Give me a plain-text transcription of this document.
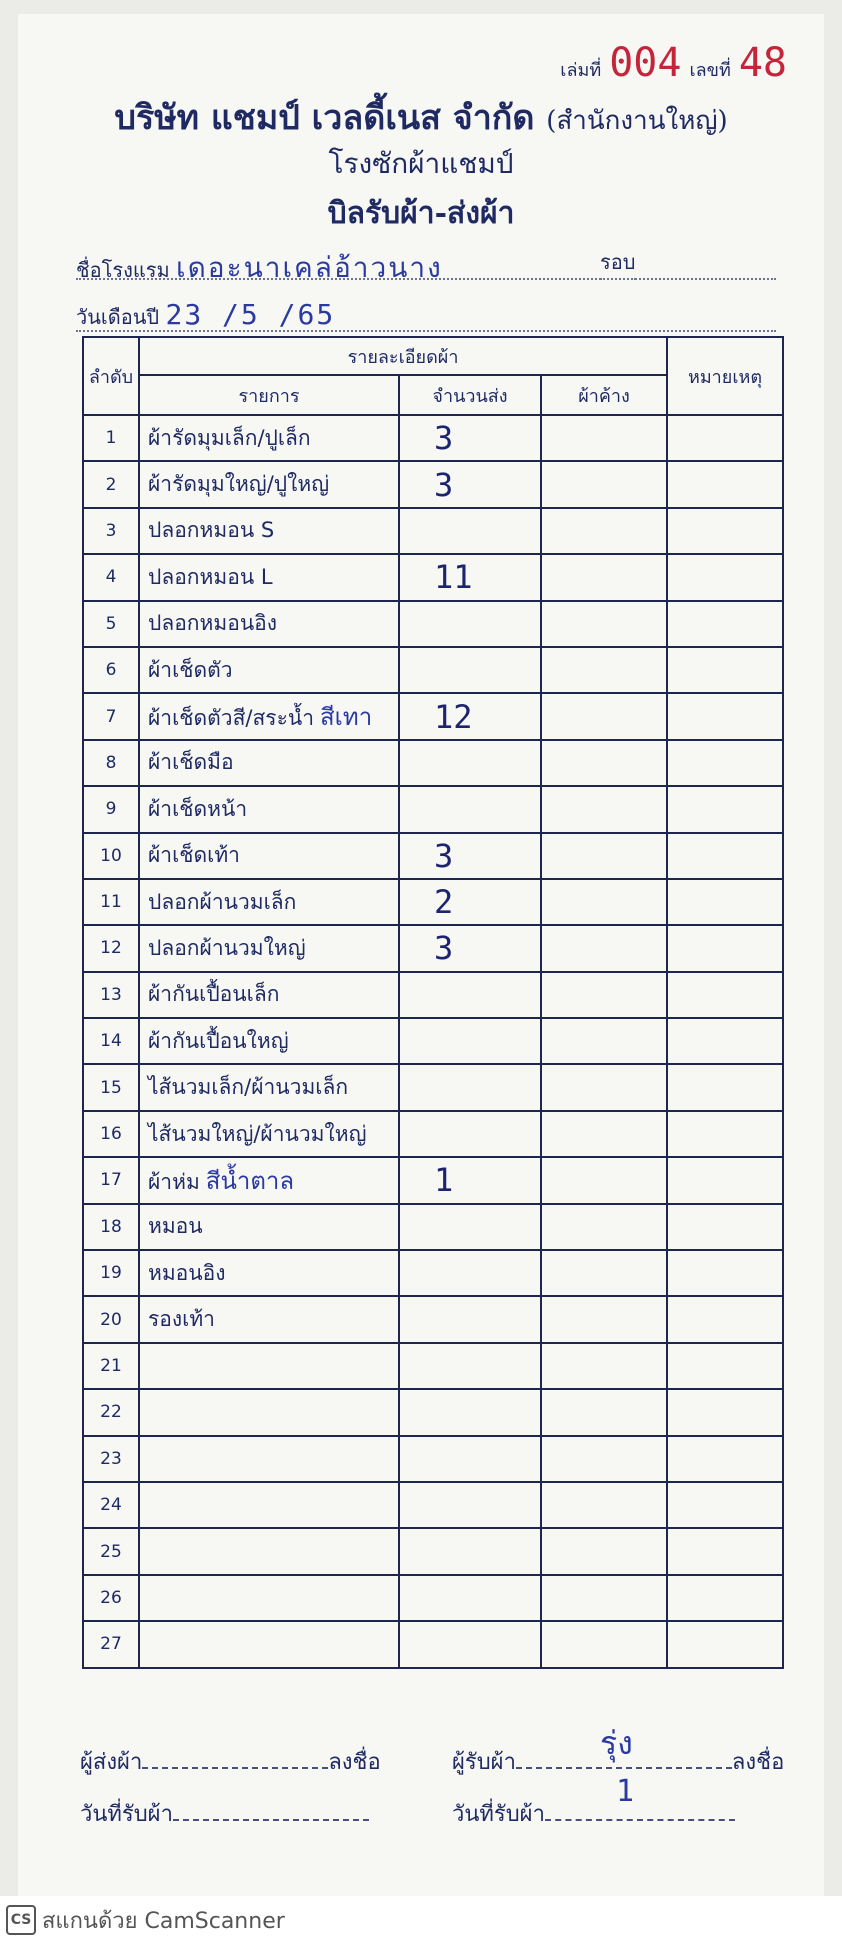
เล่มที่ 004 เลขที่ 48
บริษัท แชมป์ เวลดี้เนส จำกัด (สำนักงานใหญ่)
โรงซักผ้าแชมป์
บิลรับผ้า-ส่งผ้า
ชื่อโรงแรม เดอะนาเคล่อ้าวนาง	รอบ
วันเดือนปี 23 /5 /65
ลำดับ	รายละเอียดผ้า			หมายเหตุ
	รายการ	จำนวนส่ง	ผ้าค้าง	
1	ผ้ารัดมุมเล็ก/ปูเล็ก	3		
2	ผ้ารัดมุมใหญ่/ปูใหญ่	3		
3	ปลอกหมอน S			
4	ปลอกหมอน L	11		
5	ปลอกหมอนอิง			
6	ผ้าเช็ดตัว			
7	ผ้าเช็ดตัวสี/สระน้ำ สีเทา	12		
8	ผ้าเช็ดมือ			
9	ผ้าเช็ดหน้า			
10	ผ้าเช็ดเท้า	3		
11	ปลอกผ้านวมเล็ก	2		
12	ปลอกผ้านวมใหญ่	3		
13	ผ้ากันเปื้อนเล็ก			
14	ผ้ากันเปื้อนใหญ่			
15	ไส้นวมเล็ก/ผ้านวมเล็ก			
16	ไส้นวมใหญ่/ผ้านวมใหญ่			
17	ผ้าห่ม สีน้ำตาล	1		
18	หมอน			
19	หมอนอิง			
20	รองเท้า			
21				
22				
23				
24				
25				
26				
27				
ผู้ส่งผ้า	ลงชื่อ	ผู้รับผ้า	ลงชื่อ
รุ่ง
วันที่รับผ้า	วันที่รับผ้า
1
CS สแกนด้วย CamScanner
